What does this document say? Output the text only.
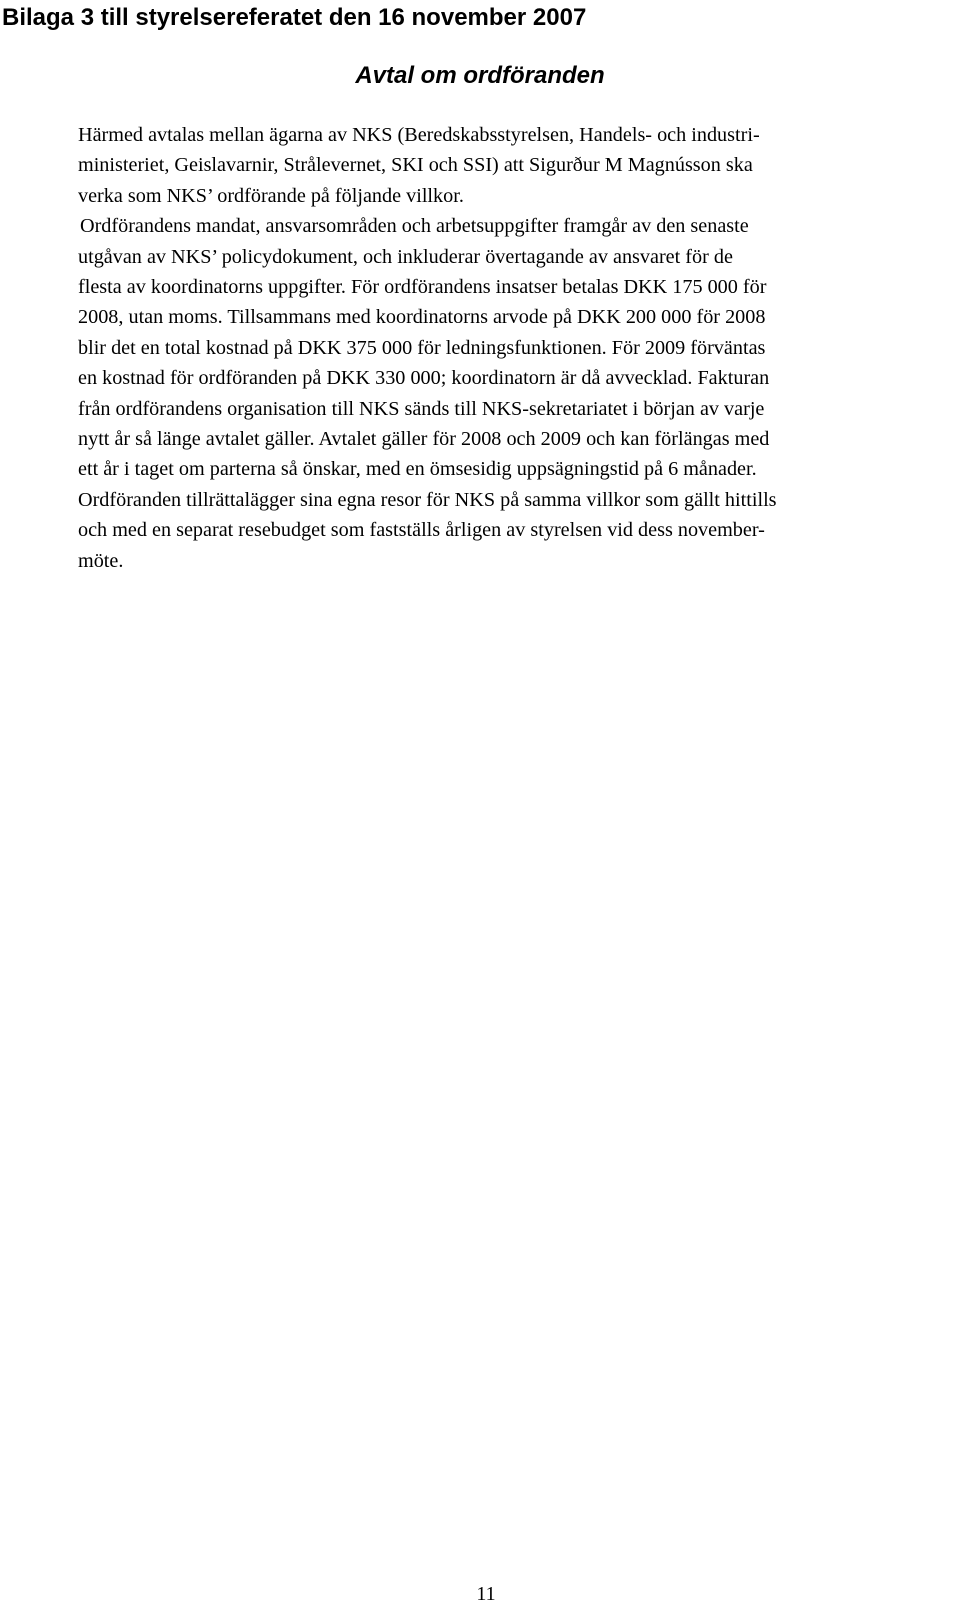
Bilaga 3 till styrelsereferatet den 16 november 2007
Avtal om ordföranden
Härmed avtalas mellan ägarna av NKS (Beredskabsstyrelsen, Handels- och industri-
ministeriet, Geislavarnir, Strålevernet, SKI och SSI) att Sigurður M Magnússon ska
verka som NKS’ ordförande på följande villkor.
Ordförandens mandat, ansvarsområden och arbetsuppgifter framgår av den senaste
utgåvan av NKS’ policydokument, och inkluderar övertagande av ansvaret för de
flesta av koordinatorns uppgifter. För ordförandens insatser betalas DKK 175 000 för
2008, utan moms. Tillsammans med koordinatorns arvode på DKK 200 000 för 2008
blir det en total kostnad på DKK 375 000 för ledningsfunktionen. För 2009 förväntas
en kostnad för ordföranden på DKK 330 000; koordinatorn är då avvecklad. Fakturan
från ordförandens organisation till NKS sänds till NKS-sekretariatet i början av varje
nytt år så länge avtalet gäller. Avtalet gäller för 2008 och 2009 och kan förlängas med
ett år i taget om parterna så önskar, med en ömsesidig uppsägningstid på 6 månader.
Ordföranden tillrättalägger sina egna resor för NKS på samma villkor som gällt hittills
och med en separat resebudget som fastställs årligen av styrelsen vid dess november-
möte.
11
